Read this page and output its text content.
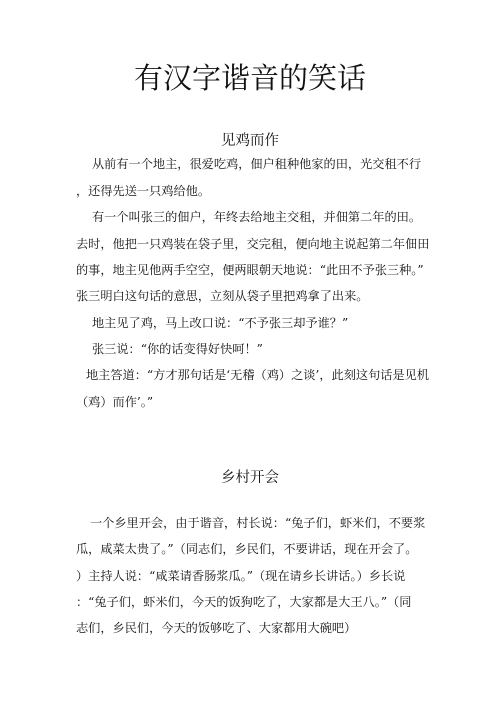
有汉字谐音的笑话
见鸡而作
从前有一个地主，很爱吃鸡，佃户租种他家的田，光交租不行
，还得先送一只鸡给他。
有一个叫张三的佃户，年终去给地主交租，并佃第二年的田。
去时，他把一只鸡装在袋子里，交完租，便向地主说起第二年佃田
的事，地主见他两手空空，便两眼朝天地说：“此田不予张三种。”
张三明白这句话的意思，立刻从袋子里把鸡拿了出来。
地主见了鸡，马上改口说：“不予张三却予谁？”
张三说：“你的话变得好快呵！”
地主答道：“方才那句话是‘无稽（鸡）之谈’，此刻这句话是见机
（鸡）而作’。”
乡村开会
一个乡里开会，由于谐音，村长说：“兔子们，虾米们，不要浆
瓜，咸菜太贵了。”（同志们，乡民们，不要讲话，现在开会了。
）主持人说：“咸菜请香肠浆瓜。”（现在请乡长讲话。）乡长说
：“兔子们，虾米们，今天的饭狗吃了，大家都是大王八。”（同
志们，乡民们，今天的饭够吃了、大家都用大碗吧）
